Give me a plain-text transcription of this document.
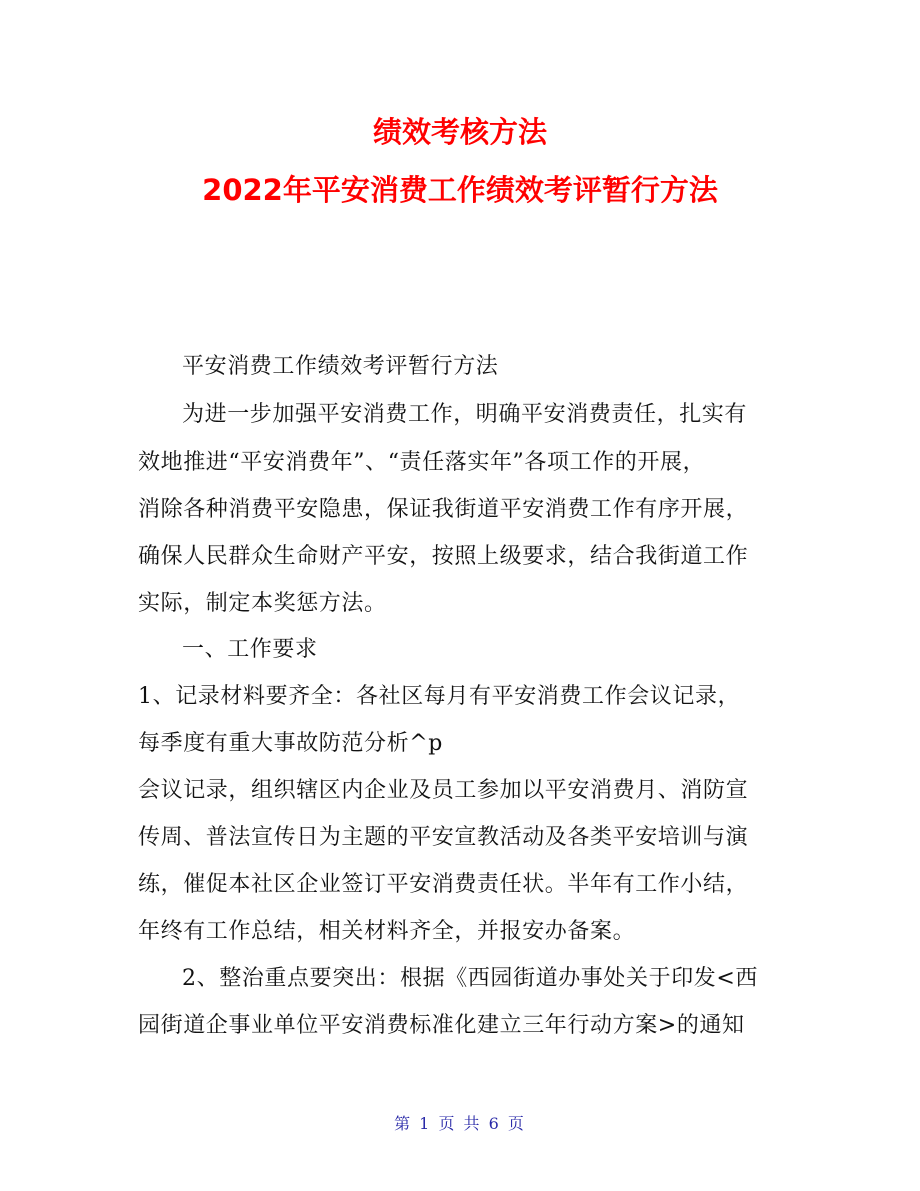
绩效考核方法
2022年平安消费工作绩效考评暂行方法
平安消费工作绩效考评暂行方法
为进一步加强平安消费工作，明确平安消费责任，扎实有
效地推进“平安消费年”、“责任落实年”各项工作的开展，
消除各种消费平安隐患，保证我街道平安消费工作有序开展，
确保人民群众生命财产平安，按照上级要求，结合我街道工作
实际，制定本奖惩方法。
一、工作要求
1、记录材料要齐全：各社区每月有平安消费工作会议记录，
每季度有重大事故防范分析^p
会议记录，组织辖区内企业及员工参加以平安消费月、消防宣
传周、普法宣传日为主题的平安宣教活动及各类平安培训与演
练，催促本社区企业签订平安消费责任状。半年有工作小结，
年终有工作总结，相关材料齐全，并报安办备案。
2、整治重点要突出：根据《西园街道办事处关于印发<西
园街道企事业单位平安消费标准化建立三年行动方案>的通知
第 1 页 共 6 页
